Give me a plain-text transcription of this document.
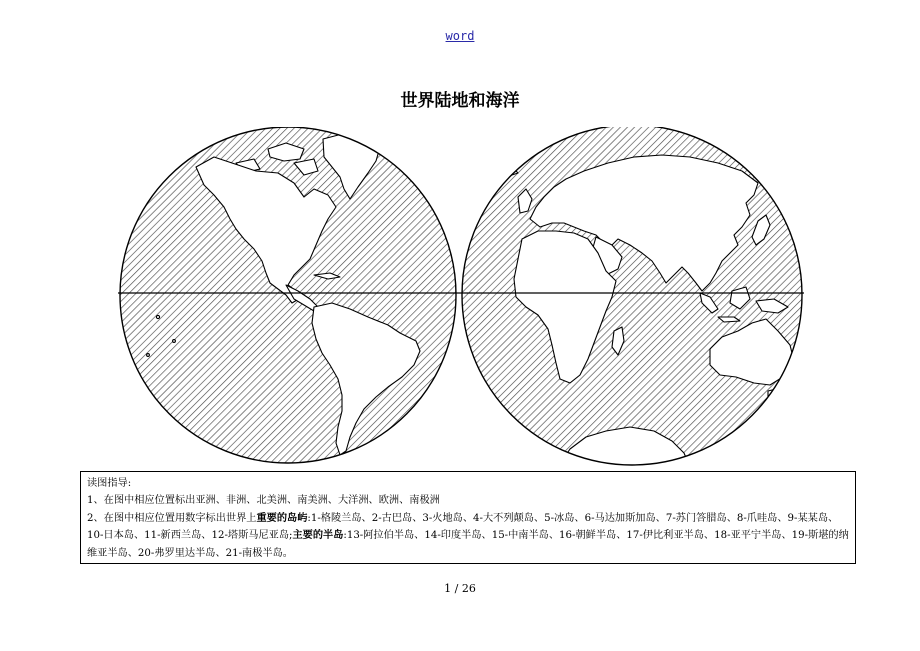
word
世界陆地和海洋
读图指导:
1、在图中相应位置标出亚洲、非洲、北美洲、南美洲、大洋洲、欧洲、南极洲
2、在图中相应位置用数字标出世界上重要的岛屿:1-格陵兰岛、2-古巴岛、3-火地岛、4-大不列颠岛、5-冰岛、6-马达加斯加岛、7-苏门答腊岛、8-爪哇岛、9-某某岛、10-日本岛、11-新西兰岛、12-塔斯马尼亚岛;主要的半岛:13-阿拉伯半岛、14-印度半岛、15-中南半岛、16-朝鲜半岛、17-伊比利亚半岛、18-亚平宁半岛、19-斯堪的纳维亚半岛、20-弗罗里达半岛、21-南极半岛。
1 / 26
